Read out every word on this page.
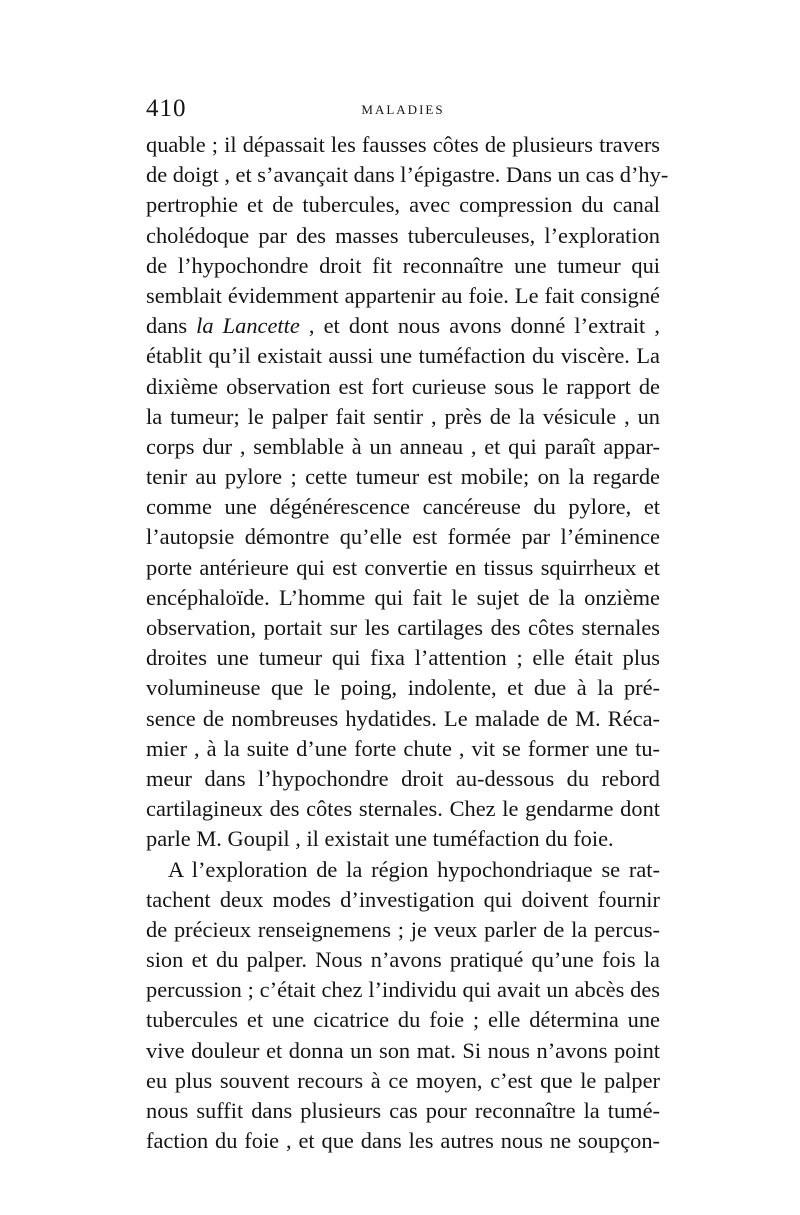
410	MALADIES
quable ; il dépassait les fausses côtes de plusieurs travers
de doigt , et s’avançait dans l’épigastre. Dans un cas d’hy-
pertrophie et de tubercules, avec compression du canal
cholédoque par des masses tuberculeuses, l’exploration
de l’hypochondre droit fit reconnaître une tumeur qui
semblait évidemment appartenir au foie. Le fait consigné
dans la Lancette , et dont nous avons donné l’extrait ,
établit qu’il existait aussi une tuméfaction du viscère. La
dixième observation est fort curieuse sous le rapport de
la tumeur; le palper fait sentir , près de la vésicule , un
corps dur , semblable à un anneau , et qui paraît appar-
tenir au pylore ; cette tumeur est mobile; on la regarde
comme une dégénérescence cancéreuse du pylore, et
l’autopsie démontre qu’elle est formée par l’éminence
porte antérieure qui est convertie en tissus squirrheux et
encéphaloïde. L’homme qui fait le sujet de la onzième
observation, portait sur les cartilages des côtes sternales
droites une tumeur qui fixa l’attention ; elle était plus
volumineuse que le poing, indolente, et due à la pré-
sence de nombreuses hydatides. Le malade de M. Réca-
mier , à la suite d’une forte chute , vit se former une tu-
meur dans l’hypochondre droit au-dessous du rebord
cartilagineux des côtes sternales. Chez le gendarme dont
parle M. Goupil , il existait une tuméfaction du foie.
A l’exploration de la région hypochondriaque se rat-
tachent deux modes d’investigation qui doivent fournir
de précieux renseignemens ; je veux parler de la percus-
sion et du palper. Nous n’avons pratiqué qu’une fois la
percussion ; c’était chez l’individu qui avait un abcès des
tubercules et une cicatrice du foie ; elle détermina une
vive douleur et donna un son mat. Si nous n’avons point
eu plus souvent recours à ce moyen, c’est que le palper
nous suffit dans plusieurs cas pour reconnaître la tumé-
faction du foie , et que dans les autres nous ne soupçon-
